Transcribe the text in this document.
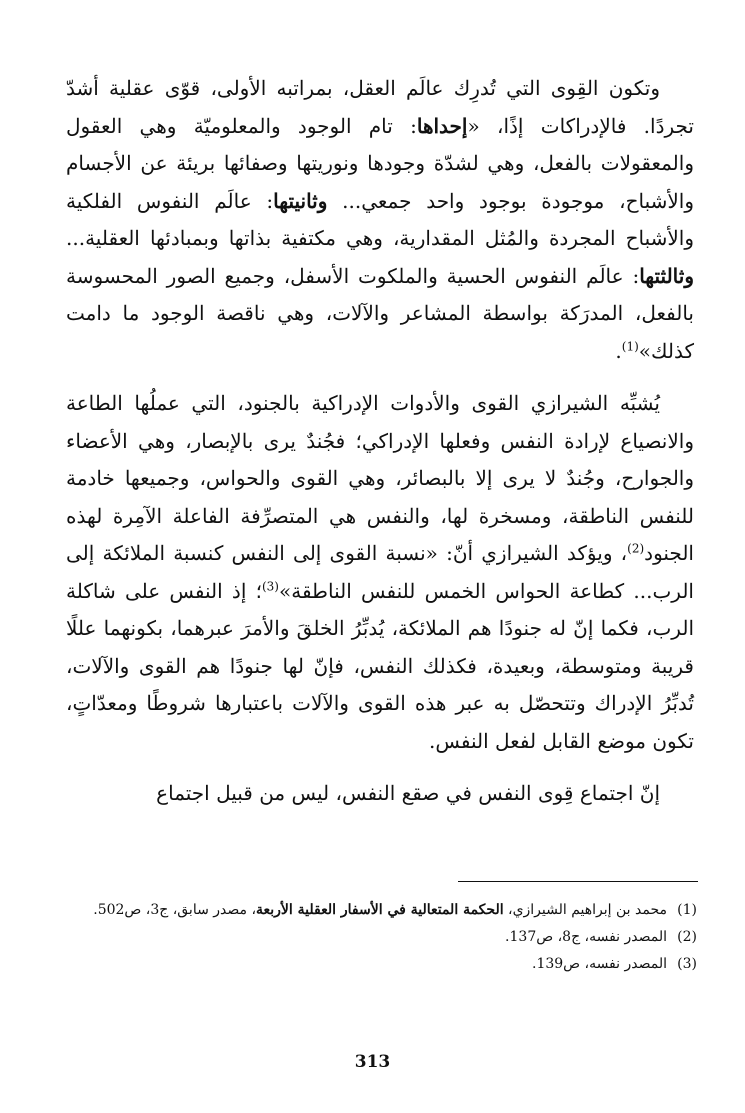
وتكون القِوى التي تُدرِك عالَم العقل، بمراتبه الأولى، قوّى عقلية أشدّ تجردًا. فالإدراكات إذًا، «إحداها: تام الوجود والمعلوميّة وهي العقول والمعقولات بالفعل، وهي لشدّة وجودها ونوريتها وصفائها بريئة عن الأجسام والأشباح، موجودة بوجود واحد جمعي... وثانيتها: عالَم النفوس الفلكية والأشباح المجردة والمُثل المقدارية، وهي مكتفية بذاتها وبمبادئها العقلية... وثالثتها: عالَم النفوس الحسية والملكوت الأسفل، وجميع الصور المحسوسة بالفعل، المدرَكة بواسطة المشاعر والآلات، وهي ناقصة الوجود ما دامت كذلك»$^{(1)}$.

يُشبِّه الشيرازي القوى والأدوات الإدراكية بالجنود، التي عملُها الطاعة والانصياع لإرادة النفس وفعلها الإدراكي؛ فجُندٌ يرى بالإبصار، وهي الأعضاء والجوارح، وجُندٌ لا يرى إلا بالبصائر، وهي القوى والحواس، وجميعها خادمة للنفس الناطقة، ومسخرة لها، والنفس هي المتصرِّفة الفاعلة الآمِرة لهذه الجنود$^{(2)}$، ويؤكد الشيرازي أنّ: «نسبة القوى إلى النفس كنسبة الملائكة إلى الرب... كطاعة الحواس الخمس للنفس الناطقة»$^{(3)}$؛ إذ النفس على شاكلة الرب، فكما إنّ له جنودًا هم الملائكة، يُدبِّرُ الخلقَ والأمرَ عبرهما، بكونهما عللًا قريبة ومتوسطة، وبعيدة، فكذلك النفس، فإنّ لها جنودًا هم القوى والآلات، تُدبِّرُ الإدراك وتتحصّل به عبر هذه القوى والآلات باعتبارها شروطًا ومعدّاتٍ، تكون موضع القابل لفعل النفس.

إنّ اجتماع قِوى النفس في صقع النفس، ليس من قبيل اجتماع

(1)
محمد بن إبراهيم الشيرازي، الحكمة المتعالية في الأسفار العقلية الأربعة، مصدر سابق، ج3، ص502.
(2)
المصدر نفسه، ج8، ص137.
(3)
المصدر نفسه، ص139.
313
